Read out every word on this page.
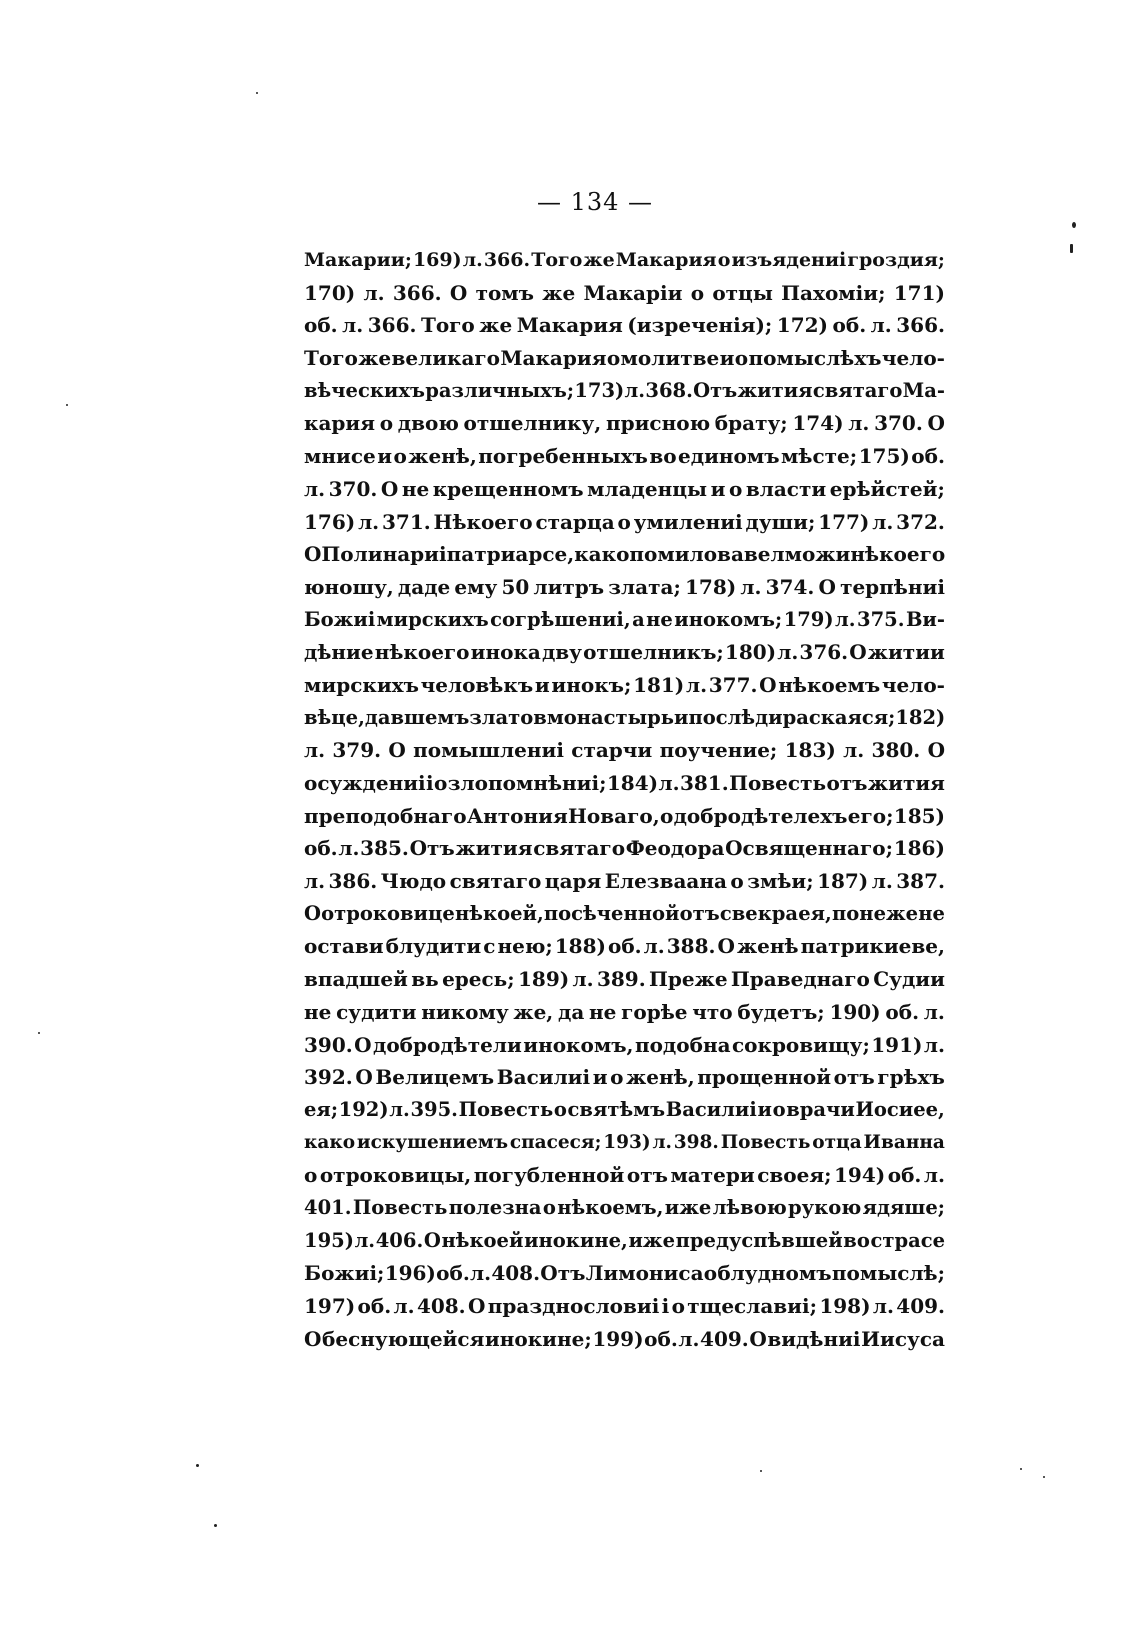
— 134 —
Макарии; 169) л. 366. Того же Макария о изъядениі гроздия;
170) л. 366. О томъ же Макаріи о отцы Пахоміи; 171)
об. л. 366. Того же Макария (изреченія); 172) об. л. 366.
Того же великаго Макария о молитве и о помыслѣхъ чело-
вѣческихъ различныхъ; 173) л. 368. Отъ жития святаго Ма-
кария о двою отшелнику, присною брату; 174) л. 370. О
мнисе и о женѣ, погребенныхъ во единомъ мѣсте; 175) об.
л. 370. О не крещенномъ младенцы и о власти ерѣйстей;
176) л. 371. Нѣкоего старца о умилениі души; 177) л. 372.
О Полинариі патриарсе, како помилова велможи нѣкоего
юношу, даде ему 50 литръ злата; 178) л. 374. О терпѣниі
Божиі мирскихъ согрѣшениі, а не инокомъ; 179) л. 375. Ви-
дѣние нѣкоего инока дву отшелникъ; 180) л. 376. О житии
мирскихъ человѣкъ и инокъ; 181) л. 377. О нѣкоемъ чело-
вѣце, давшемъ злато в монастырь и послѣди раскаяся; 182)
л. 379. О помышлениі старчи поучение; 183) л. 380. О
осуждениі і о злопомнѣниі; 184) л. 381. Повесть отъ жития
преподобнаго Антония Новаго, о добродѣтелехъ его; 185)
об. л. 385. Отъ жития святаго Феодора Освященнаго; 186)
л. 386. Чюдо святаго царя Елезваана о змѣи; 187) л. 387.
О отроковице нѣкоей, посѣченной отъ свекра ея, понеже не
остави блудити с нею; 188) об. л. 388. О женѣ патрикиеве,
впадшей вь ересь; 189) л. 389. Преже Праведнаго Судии
не судити никому же, да не горѣе что будетъ; 190) об. л.
390. О добродѣтели инокомъ, подобна сокровищу; 191) л.
392. О Велицемъ Василиі и о женѣ, прощенной отъ грѣхъ
ея; 192) л. 395. Повесть о святѣмъ Василиі и о врачи Иосиее,
како искушениемъ спасеся; 193) л. 398. Повесть отца Иванна
о отроковицы, погубленной отъ матери своея; 194) об. л.
401. Повесть полезна о нѣкоемъ, иже лѣвою рукою ядяше;
195) л. 406. О нѣкоей инокине, иже предуспѣвшей во страсе
Божиі; 196) об. л. 408. Отъ Лимониса о блудномъ помыслѣ;
197) об. л. 408. О празднословиі і о тщеславиі; 198) л. 409.
О беснующейся инокине; 199) об. л. 409. О видѣниі Иисуса
